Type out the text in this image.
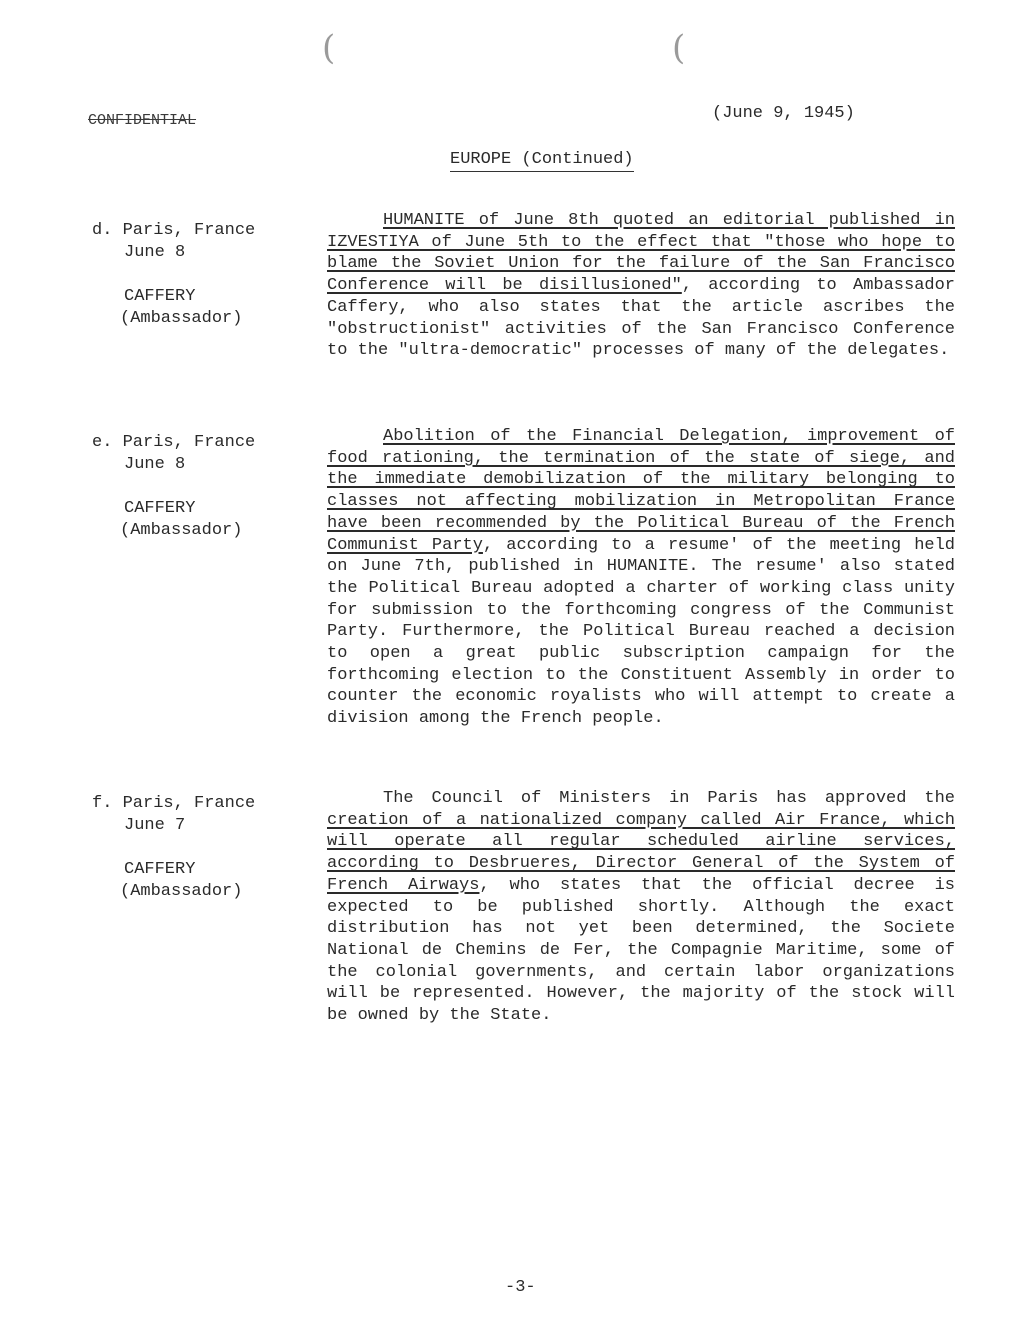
(	(
CONFIDENTIAL	(June 9, 1945)
EUROPE (Continued)
d. Paris, France
June 8
CAFFERY
(Ambassador)
HUMANITE of June 8th quoted an editorial published in IZVESTIYA of June 5th to the effect that "those who hope to blame the Soviet Union for the failure of the San Francisco Conference will be disillusioned", according to Ambassador Caffery, who also states that the article ascribes the "obstructionist" activities of the San Francisco Conference to the "ultra-democratic" processes of many of the delegates.
e. Paris, France
June 8
CAFFERY
(Ambassador)
Abolition of the Financial Delegation, improvement of food rationing, the termination of the state of siege, and the immediate demobilization of the military belonging to classes not affecting mobilization in Metropolitan France have been recommended by the Political Bureau of the French Communist Party, according to a resume' of the meeting held on June 7th, published in HUMANITE. The resume' also stated the Political Bureau adopted a charter of working class unity for submission to the forthcoming congress of the Communist Party. Furthermore, the Political Bureau reached a decision to open a great public subscription campaign for the forthcoming election to the Constituent Assembly in order to counter the economic royalists who will attempt to create a division among the French people.
f. Paris, France
June 7
CAFFERY
(Ambassador)
The Council of Ministers in Paris has approved the creation of a nationalized company called Air France, which will operate all regular scheduled airline services, according to Desbrueres, Director General of the System of French Airways, who states that the official decree is expected to be published shortly. Although the exact distribution has not yet been determined, the Societe National de Chemins de Fer, the Compagnie Maritime, some of the colonial governments, and certain labor organizations will be represented. However, the majority of the stock will be owned by the State.
-3-
